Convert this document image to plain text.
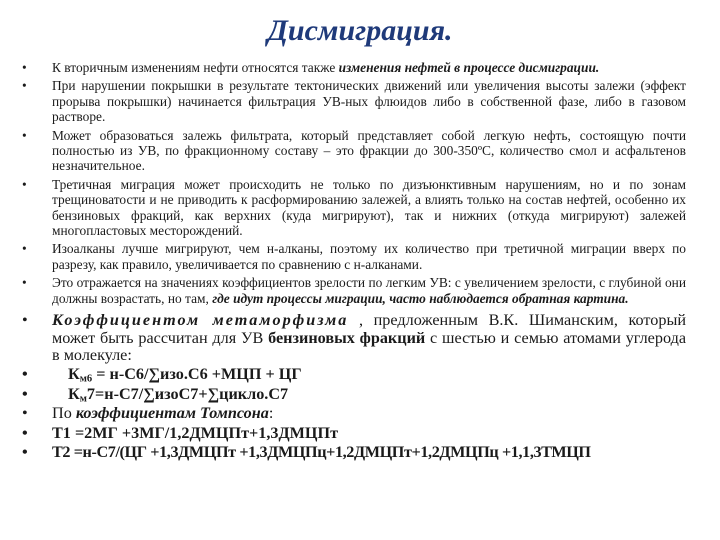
Дисмиграция.
• К вторичным изменениям нефти относятся также изменения нефтей в процессе дисмиграции.
• При нарушении покрышки в результате тектонических движений или увеличения высоты залежи (эффект прорыва покрышки) начинается фильтрация УВ-ных флюидов либо в собственной фазе, либо в газовом растворе.
• Может образоваться залежь фильтрата, который представляет собой легкую нефть, состоящую почти полностью из УВ, по фракционному составу – это фракции до 300-350ºС, количество смол и асфальтенов незначительное.
• Третичная миграция может происходить не только по дизъюнктивным нарушениям, но и по зонам трещиноватости и не приводить к расформированию залежей, а влиять только на состав нефтей, особенно их бензиновых фракций, как верхних (куда мигрируют), так и нижних (откуда мигрируют) залежей многопластовых месторождений.
• Изоалканы лучше мигрируют, чем н-алканы, поэтому их количество при третичной миграции вверх по разрезу, как правило, увеличивается по сравнению с н-алканами.
• Это отражается на значениях коэффициентов зрелости по легким УВ: с увеличением зрелости, с глубиной они должны возрастать, но там, где идут процессы миграции, часто наблюдается обратная картина.
• Коэффициентом метаморфизма , предложенным В.К. Шиманским, который может быть рассчитан для УВ бензиновых фракций с шестью и семью атомами углерода в молекуле:
• $К_{м6} = н-С6/\sum изо.С6 +МЦП$ + ЦГ
• $К_м7=н-С7/\sum изоС7+\sum цикло.С7$
• По коэффициентам Томпсона:
• Т1 =2МГ +3МГ/1,2ДМЦПт+1,3ДМЦПт
• Т2 =н-С7/(ЦГ +1,3ДМЦПт +1,3ДМЦПц+1,2ДМЦПт+1,2ДМЦПц +1,1,3ТМЦП
